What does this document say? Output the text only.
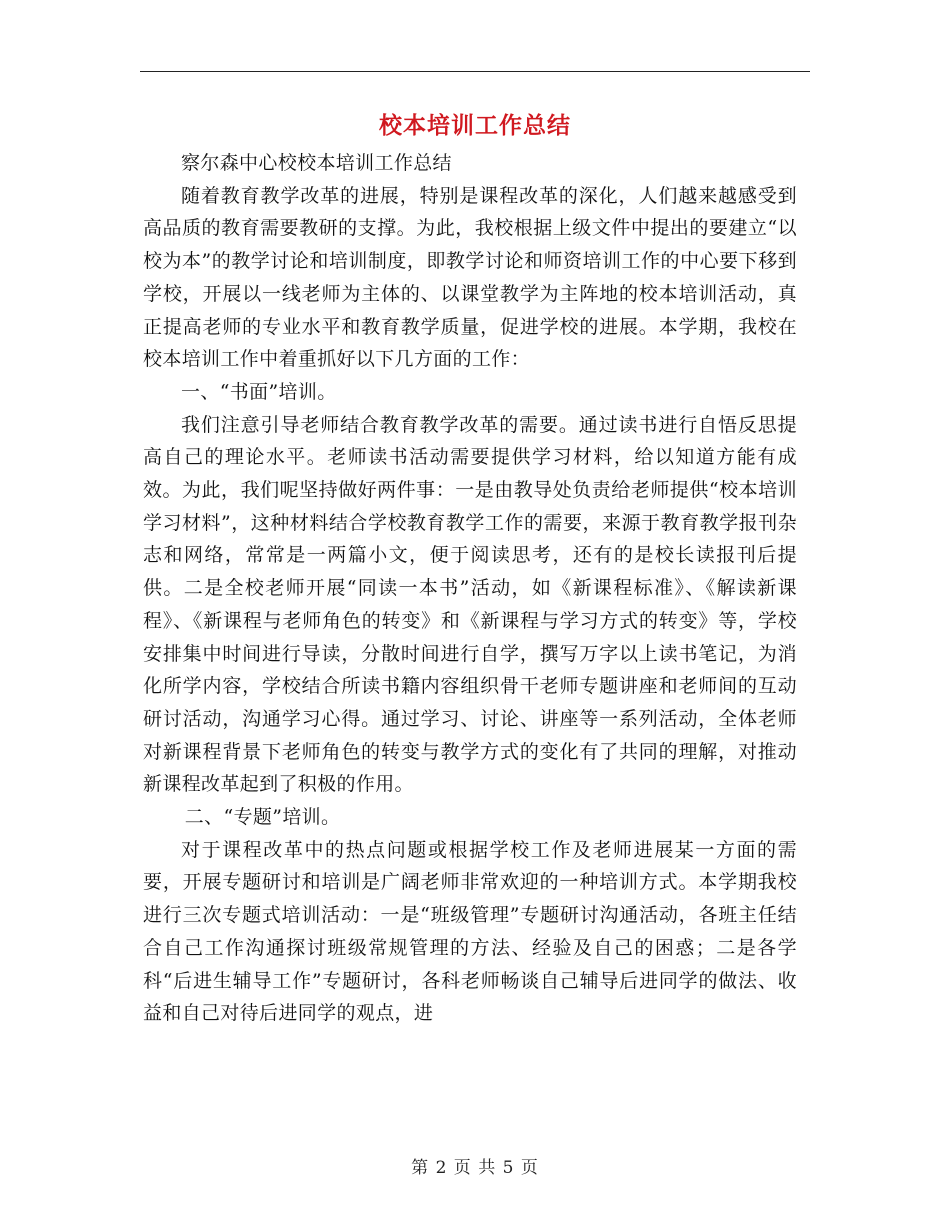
校本培训工作总结

察尔森中心校校本培训工作总结

随着教育教学改革的进展，特别是课程改革的深化，人们越来越感受到高品质的教育需要教研的支撑。为此，我校根据上级文件中提出的要建立“以校为本”的教学讨论和培训制度，即教学讨论和师资培训工作的中心要下移到学校，开展以一线老师为主体的、以课堂教学为主阵地的校本培训活动，真正提高老师的专业水平和教育教学质量，促进学校的进展。本学期，我校在校本培训工作中着重抓好以下几方面的工作：

一、“书面”培训。

我们注意引导老师结合教育教学改革的需要。通过读书进行自悟反思提高自己的理论水平。老师读书活动需要提供学习材料，给以知道方能有成效。为此，我们呢坚持做好两件事：一是由教导处负责给老师提供“校本培训学习材料”，这种材料结合学校教育教学工作的需要，来源于教育教学报刊杂志和网络，常常是一两篇小文，便于阅读思考，还有的是校长读报刊后提供。二是全校老师开展“同读一本书”活动，如《新课程标准》、《解读新课程》、《新课程与老师角色的转变》和《新课程与学习方式的转变》等，学校安排集中时间进行导读，分散时间进行自学，撰写万字以上读书笔记，为消化所学内容，学校结合所读书籍内容组织骨干老师专题讲座和老师间的互动研讨活动，沟通学习心得。通过学习、讨论、讲座等一系列活动，全体老师对新课程背景下老师角色的转变与教学方式的变化有了共同的理解，对推动新课程改革起到了积极的作用。

二、“专题”培训。

对于课程改革中的热点问题或根据学校工作及老师进展某一方面的需要，开展专题研讨和培训是广阔老师非常欢迎的一种培训方式。本学期我校进行三次专题式培训活动：一是“班级管理”专题研讨沟通活动，各班主任结合自己工作沟通探讨班级常规管理的方法、经验及自己的困惑；二是各学科“后进生辅导工作”专题研讨，各科老师畅谈自己辅导后进同学的做法、收益和自己对待后进同学的观点，进

第 2 页 共 5 页
